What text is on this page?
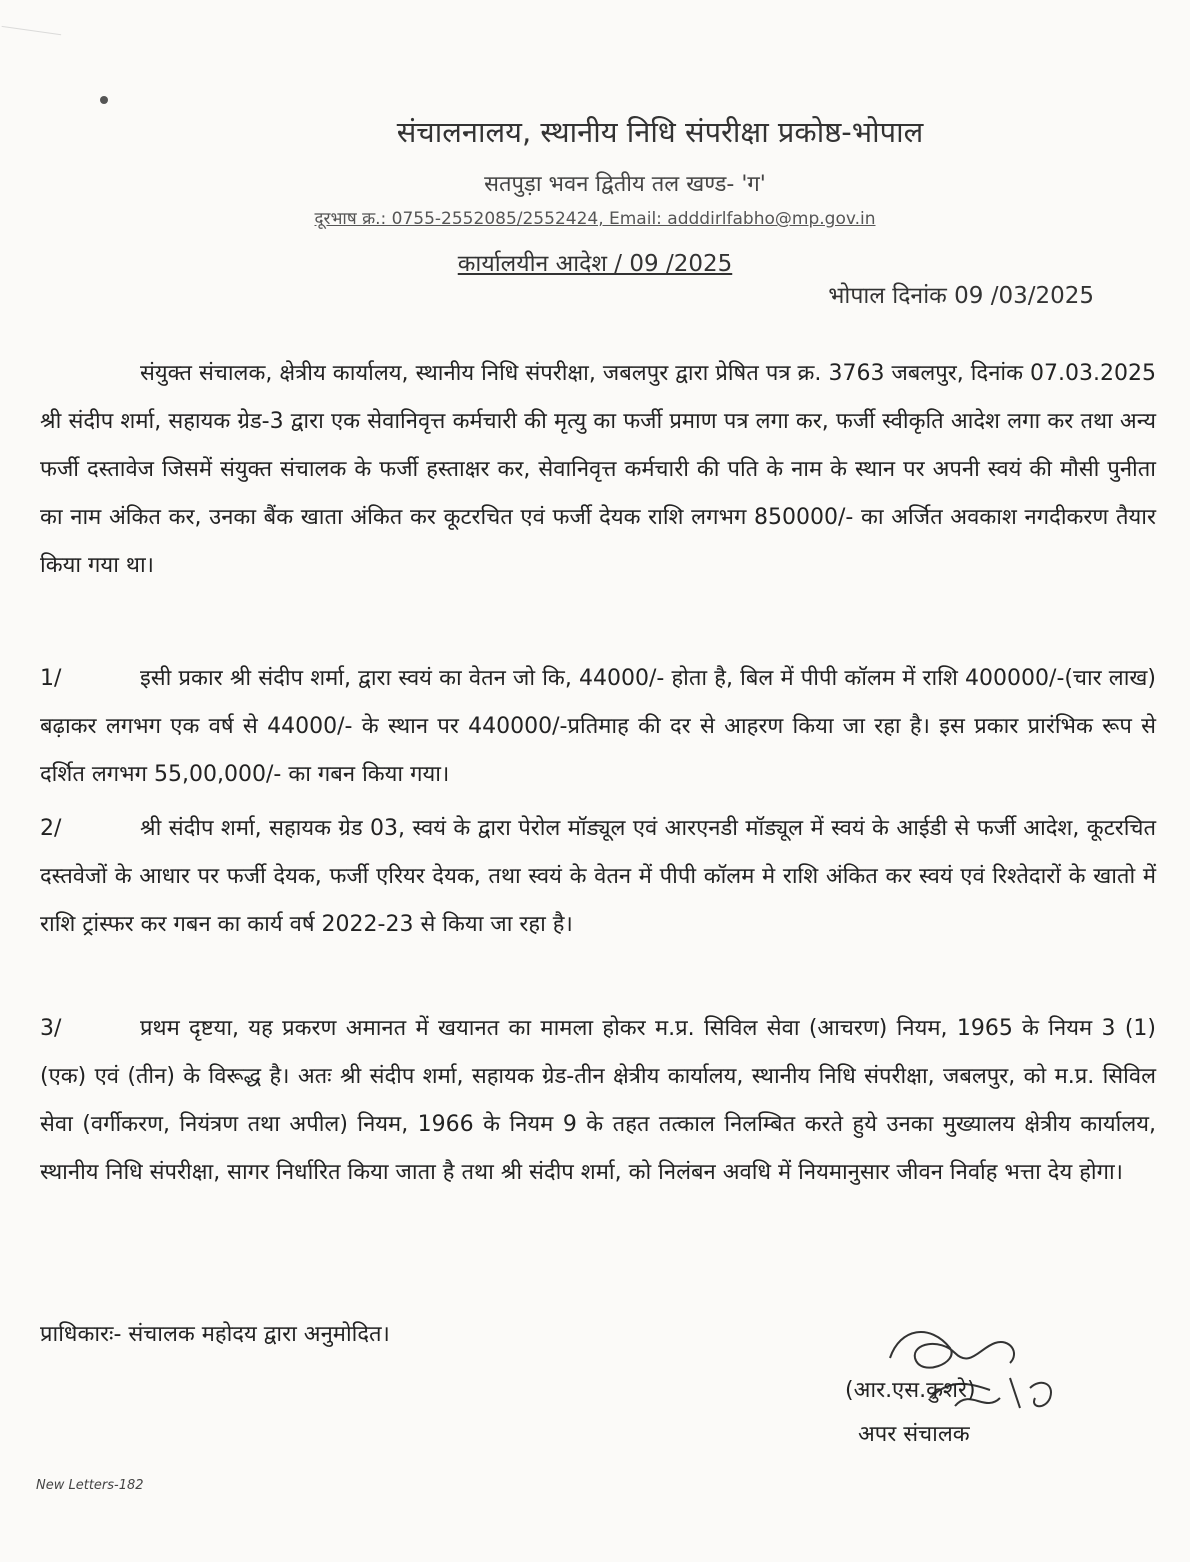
संचालनालय, स्थानीय निधि संपरीक्षा प्रकोष्ठ-भोपाल
सतपुड़ा भवन द्वितीय तल खण्ड- 'ग'
दूरभाष क्र.: 0755-2552085/2552424, Email: adddirlfabho@mp.gov.in
कार्यालयीन आदेश / 09 /2025
भोपाल दिनांक 09 /03/2025
संयुक्त संचालक, क्षेत्रीय कार्यालय, स्थानीय निधि संपरीक्षा, जबलपुर द्वारा प्रेषित पत्र क्र. 3763 जबलपुर, दिनांक 07.03.2025 श्री संदीप शर्मा, सहायक ग्रेड-3 द्वारा एक सेवानिवृत्त कर्मचारी की मृत्यु का फर्जी प्रमाण पत्र लगा कर, फर्जी स्वीकृति आदेश लगा कर तथा अन्य फर्जी दस्तावेज जिसमें संयुक्त संचालक के फर्जी हस्ताक्षर कर, सेवानिवृत्त कर्मचारी की पति के नाम के स्थान पर अपनी स्वयं की मौसी पुनीता का नाम अंकित कर, उनका बैंक खाता अंकित कर कूटरचित एवं फर्जी देयक राशि लगभग 850000/- का अर्जित अवकाश नगदीकरण तैयार किया गया था।
1/	इसी प्रकार श्री संदीप शर्मा, द्वारा स्वयं का वेतन जो कि, 44000/- होता है, बिल में पीपी कॉलम में राशि 400000/-(चार लाख) बढ़ाकर लगभग एक वर्ष से 44000/- के स्थान पर 440000/-प्रतिमाह की दर से आहरण किया जा रहा है। इस प्रकार प्रारंभिक रूप से दर्शित लगभग 55,00,000/- का गबन किया गया।
2/	श्री संदीप शर्मा, सहायक ग्रेड 03, स्वयं के द्वारा पेरोल मॉड्यूल एवं आरएनडी मॉड्यूल में स्वयं के आईडी से फर्जी आदेश, कूटरचित दस्तवेजों के आधार पर फर्जी देयक, फर्जी एरियर देयक, तथा स्वयं के वेतन में पीपी कॉलम मे राशि अंकित कर स्वयं एवं रिश्तेदारों के खातो में राशि ट्रांस्फर कर गबन का कार्य वर्ष 2022-23 से किया जा रहा है।
3/	प्रथम दृष्टया, यह प्रकरण अमानत में खयानत का मामला होकर म.प्र. सिविल सेवा (आचरण) नियम, 1965 के नियम 3 (1)(एक) एवं (तीन) के विरूद्ध है। अतः श्री संदीप शर्मा, सहायक ग्रेड-तीन क्षेत्रीय कार्यालय, स्थानीय निधि संपरीक्षा, जबलपुर, को म.प्र. सिविल सेवा (वर्गीकरण, नियंत्रण तथा अपील) नियम, 1966 के नियम 9 के तहत तत्काल निलम्बित करते हुये उनका मुख्यालय क्षेत्रीय कार्यालय, स्थानीय निधि संपरीक्षा, सागर निर्धारित किया जाता है तथा श्री संदीप शर्मा, को निलंबन अवधि में नियमानुसार जीवन निर्वाह भत्ता देय होगा।
प्राधिकारः- संचालक महोदय द्वारा अनुमोदित।
(आर.एस.कुशरे)
अपर संचालक
New Letters-182
